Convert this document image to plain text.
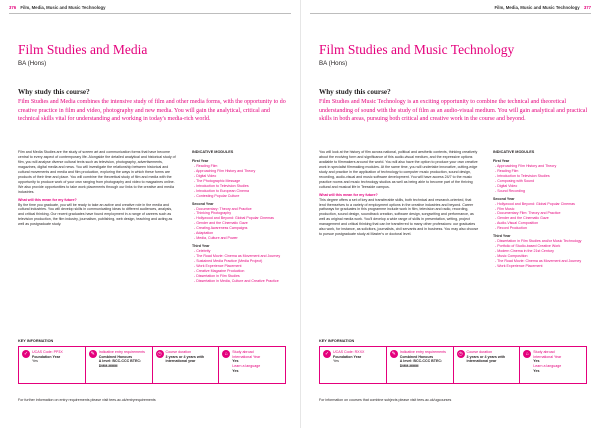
376 Film, Media, Music and Music Technology
Film Studies and Media
BA (Hons)
Why study this course?
Film Studies and Media combines the intensive study of film and other media forms, with the opportunity to do creative practice in film and video, photography and new media. You will gain the analytical, critical and technical skills vital for understanding and working in today's media-rich world.

Film and Media Studies are the study of screen art and communication forms that have become central to every aspect of contemporary life. Alongside the detailed analytical and historical study of film, you will analyse diverse cultural texts such as television, photography, advertisements, magazines, digital media and news. You will investigate the relationship between historical and cultural movements and media and film production, exploring the ways in which these forms are products of their time and place. You will combine the theoretical study of film and media with the opportunity to produce work of your own ranging from photography and video to magazines online. We also provide opportunities to take work placements through our links to the creative and media industries.

What will this mean for my future?

By the time you graduate, you will be ready to take an active and creative role in the media and cultural industries. You will develop skills in communicating ideas to different audiences, analysis, and critical thinking. Our recent graduates have found employment in a range of careers such as television production, the film industry, journalism, publishing, web design, teaching and acting as well as postgraduate study.

INDICATIVE MODULES
First Year
- Reading Film
- Approaching Film History and Theory
- Digital Video
- The Photographic Message
- Introduction to Television Studies
- Introduction to European Cinema
- Contesting Popular Culture
Second Year
- Documentary: Theory and Practice
- Thinking Photography
- Hollywood and Beyond: Global Popular Cinemas
- Gender and the Cinematic Gaze
- Creating Awareness Campaigns
- Adaptation
- Media, Culture and Power
Third Year
- Celebrity
- The Road Movie: Cinema as Movement and Journey
- Sustained Media Practice (Media Project)
- Work Experience Placement
- Creative Magazine Production
- Dissertation in Film Studies
- Dissertation in Media, Culture and Creative Practice
KEY INFORMATION
✓	UCAS Code: PP3X
Foundation Year
Yes
✎	Indicative entry requirements
Combined Honours
A level: BCC-CCC BTEC: DMM-MMM
◷	Course duration
3 years or 4 years with international year
⌂	Study abroad
International Year
Yes
Learn a language
Yes
For further information on entry requirements please visit tees.ac.uk/entryrequirements
Film, Media, Music and Music Technology 377
Film Studies and Music Technology
BA (Hons)
Why study this course?
Film Studies and Music Technology is an exciting opportunity to combine the technical and theoretical understanding of sound with the study of film as an audio-visual medium. You will gain analytical and practical skills in both areas, pursuing both critical and creative work in the course and beyond.

You will look at the history of film across national, political and aesthetic contexts, thinking creatively about the evolving form and significance of this audio-visual medium, and the expressive options available to filmmakers around the world. You will also have the option to produce your own creative work in specialist filmmaking modules. At the same time, you will undertake innovative, cutting-edge study and practice in the application of technology to computer music production, sound design, recording, audio-visual and music software development. You will have access 24/7 to the music practice rooms and music technology studios as well as being able to become part of the thriving cultural and musical life in Teesside campus.

What will this mean for my future?

This degree offers a set of key and transferable skills, both technical and research-oriented, that lend themselves to a variety of employment options in the creative industries and beyond. Career pathways for graduates in this programme include work in film, television and radio, recording, production, sound design, soundtrack creation, software design, songwriting and performance, as well as original media work. You'll develop a wide range of skills in presentation, writing, project management and critical thinking that can be transferred to many other professions: our graduates also work, for instance, as solicitors, journalists, civil servants and in business. You may also choose to pursue postgraduate study at Master's or doctoral level.

INDICATIVE MODULES
First Year
- Approaching Film History and Theory
- Reading Film
- Introduction to Television Studies
- Composing with Sound
- Digital Video
- Sound Recording
Second Year
- Hollywood and Beyond: Global Popular Cinemas
- Film Music
- Documentary Film: Theory and Practice
- Gender and the Cinematic Gaze
- Audio-Visual Composition
- Record Production
Third Year
- Dissertation in Film Studies and/or Music Technology
- Portfolio of Studio-based Creative Work
- Modern Cinema in the 21st Century
- Music Composition
- The Road Movie: Cinema as Movement and Journey
- Work Experience Placement
KEY INFORMATION
✓	UCAS Code: RXXX
Foundation Year
Yes
✎	Indicative entry requirements
Combined Honours
A level: BCC-CCC BTEC: DMM-MMM
◷	Course duration
3 years or 4 years with international year
⌂	Study abroad
International Year
Yes
Learn a language
Yes
For information on courses that combine subjects please visit tees.ac.uk/ugcourses
